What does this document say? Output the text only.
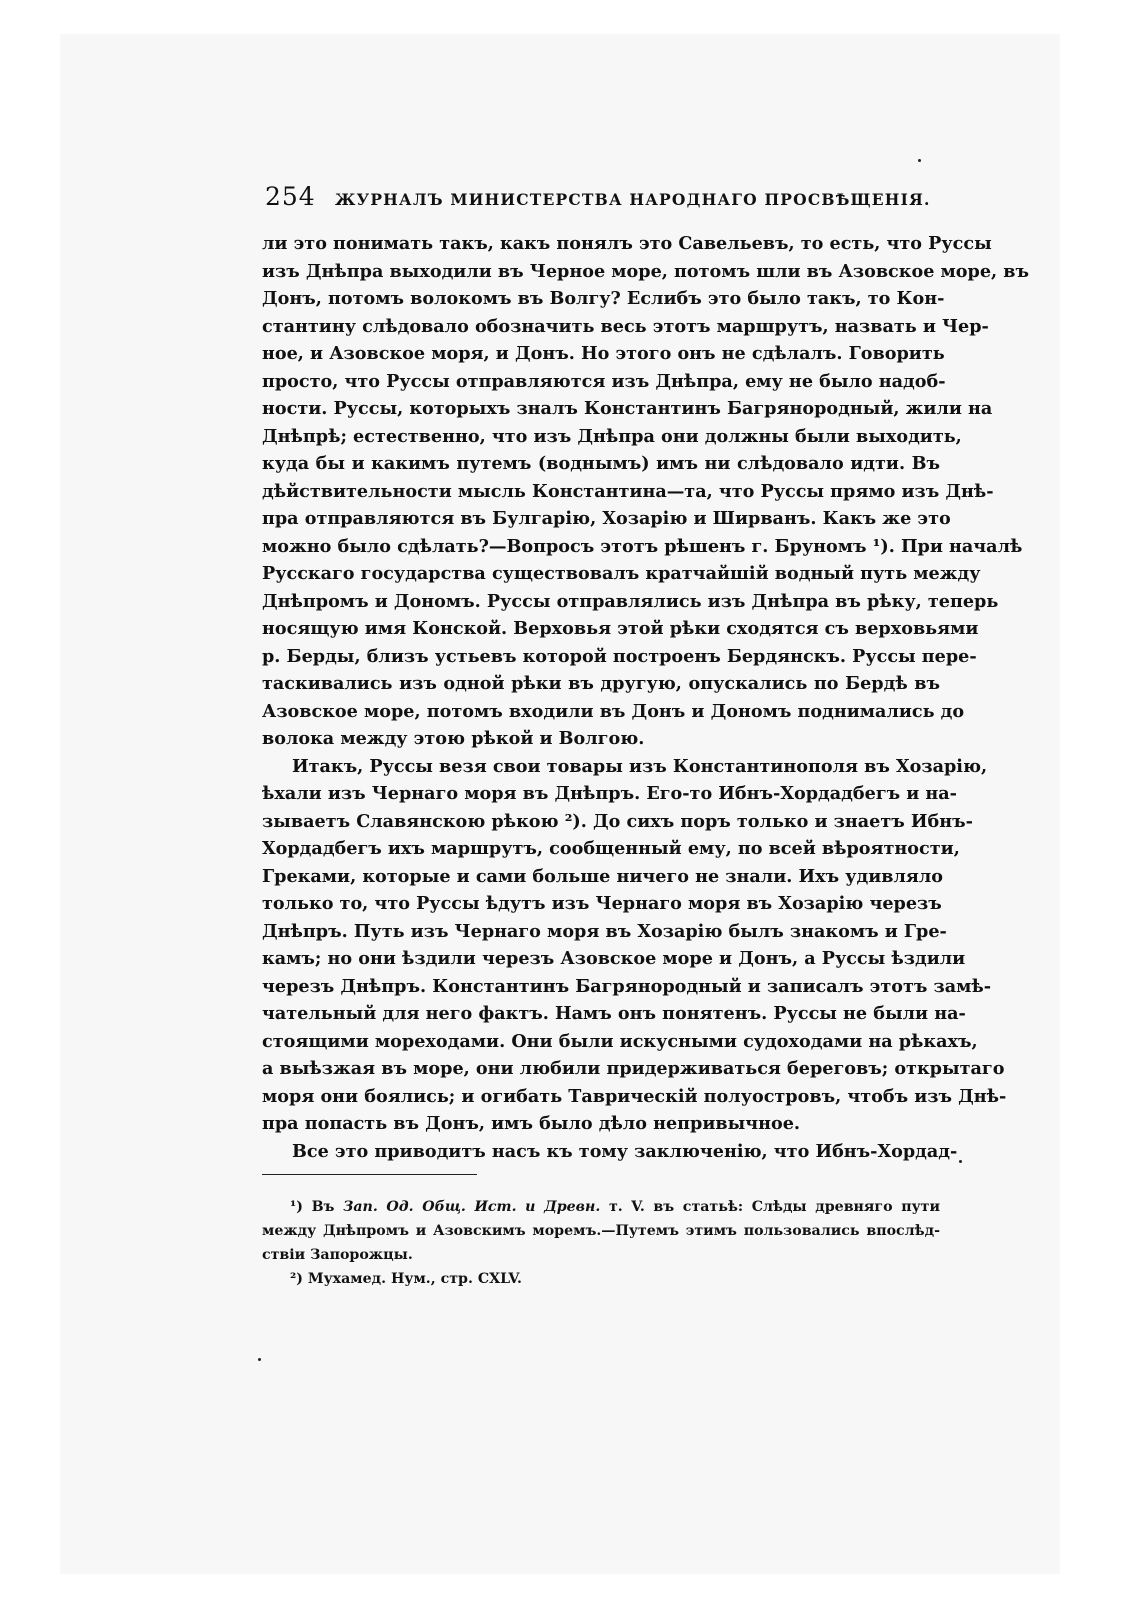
254	ЖУРНАЛЪ МИНИСТЕРСТВА НАРОДНАГО ПРОСВѢЩЕНІЯ.
ли это понимать такъ, какъ понялъ это Савельевъ, то есть, что Руссы
изъ Днѣпра выходили въ Черное море, потомъ шли въ Азовское море, въ
Донъ, потомъ волокомъ въ Волгу? Еслибъ это было такъ, то Кон-
стантину слѣдовало обозначить весь этотъ маршрутъ, назвать и Чер-
ное, и Азовское моря, и Донъ. Но этого онъ не сдѣлалъ. Говорить
просто, что Руссы отправляются изъ Днѣпра, ему не было надоб-
ности. Руссы, которыхъ зналъ Константинъ Багрянородный, жили на
Днѣпрѣ; естественно, что изъ Днѣпра они должны были выходить,
куда бы и какимъ путемъ (воднымъ) имъ ни слѣдовало идти. Въ
дѣйствительности мысль Константина—та, что Руссы прямо изъ Днѣ-
пра отправляются въ Булгарію, Хозарію и Ширванъ. Какъ же это
можно было сдѣлать?—Вопросъ этотъ рѣшенъ г. Бруномъ ¹). При началѣ
Русскаго государства существовалъ кратчайшій водный путь между
Днѣпромъ и Дономъ. Руссы отправлялись изъ Днѣпра въ рѣку, теперь
носящую имя Конской. Верховья этой рѣки сходятся съ верховьями
р. Берды, близъ устьевъ которой построенъ Бердянскъ. Руссы пере-
таскивались изъ одной рѣки въ другую, опускались по Бердѣ въ
Азовское море, потомъ входили въ Донъ и Дономъ поднимались до
волока между этою рѣкой и Волгою.
Итакъ, Руссы везя свои товары изъ Константинополя въ Хозарію,
ѣхали изъ Чернаго моря въ Днѣпръ. Его-то Ибнъ-Хордадбегъ и на-
зываетъ Славянскою рѣкою ²). До сихъ поръ только и знаетъ Ибнъ-
Хордадбегъ ихъ маршрутъ, сообщенный ему, по всей вѣроятности,
Греками, которые и сами больше ничего не знали. Ихъ удивляло
только то, что Руссы ѣдутъ изъ Чернаго моря въ Хозарію черезъ
Днѣпръ. Путь изъ Чернаго моря въ Хозарію былъ знакомъ и Гре-
камъ; но они ѣздили черезъ Азовское море и Донъ, а Руссы ѣздили
черезъ Днѣпръ. Константинъ Багрянородный и записалъ этотъ замѣ-
чательный для него фактъ. Намъ онъ понятенъ. Руссы не были на-
стоящими мореходами. Они были искусными судоходами на рѣкахъ,
а выѣзжая въ море, они любили придерживаться береговъ; открытаго
моря они боялись; и огибать Таврическій полуостровъ, чтобъ изъ Днѣ-
пра попасть въ Донъ, имъ было дѣло непривычное.
Все это приводитъ насъ къ тому заключенію, что Ибнъ-Хордад-
¹) Въ Зап. Од. Общ. Ист. и Древн. т. V. въ статьѣ: Слѣды древняго пути
между Днѣпромъ и Азовскимъ моремъ.—Путемъ этимъ пользовались впослѣд-
ствіи Запорожцы.
²) Мухамед. Нум., стр. CXLV.
